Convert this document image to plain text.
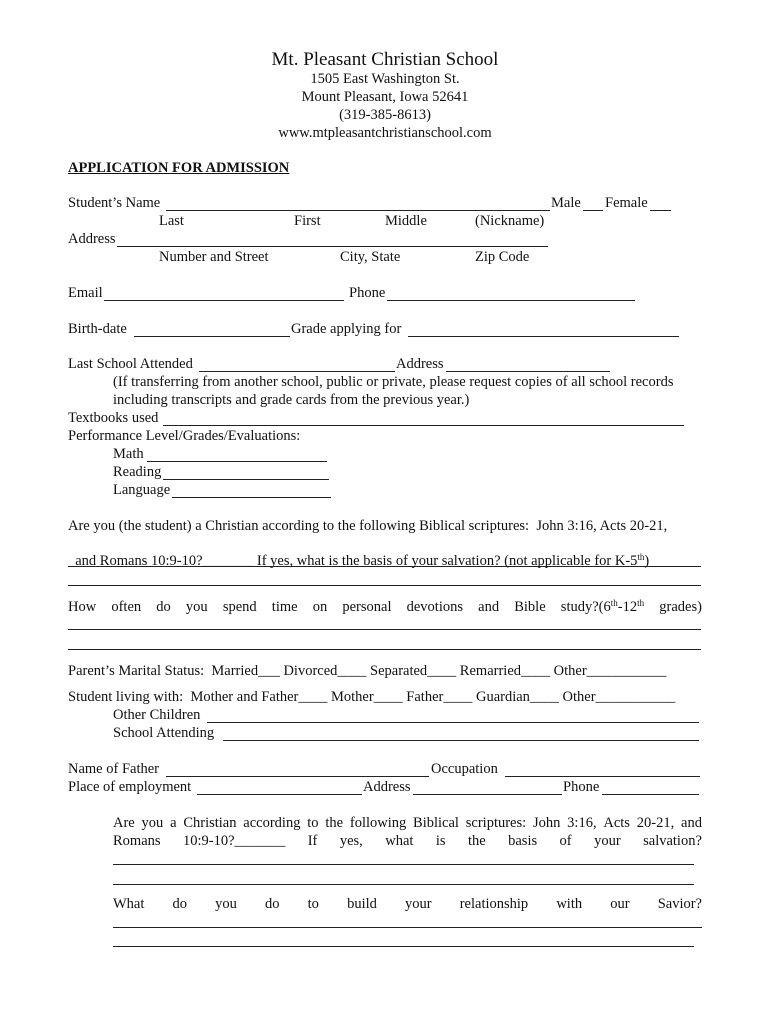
Mt. Pleasant Christian School
1505 East Washington St.
Mount Pleasant, Iowa 52641
(319-385-8613)
www.mtpleasantchristianschool.com
APPLICATION FOR ADMISSION
Student’s Name	Male Female
Last	First	Middle	(Nickname)
Address
Number and Street	City, State	Zip Code
Email	Phone
Birth-date	Grade applying for
Last School Attended	Address
(If transferring from another school, public or private, please request copies of all school records
including transcripts and grade cards from the previous year.)
Textbooks used
Performance Level/Grades/Evaluations:
Math
Reading
Language
Are you (the student) a Christian according to the following Biblical scriptures:  John 3:16, Acts 20-21,

and Romans 10:9-10?_______ If yes, what is the basis of your salvation? (not applicable for K-5th)

How often do you spend time on personal devotions and Bible study?(6th-12th grades)
Parent’s Marital Status:  Married___ Divorced____ Separated____ Remarried____ Other___________
Student living with:  Mother and Father____ Mother____ Father____ Guardian____ Other___________
Other Children
School Attending
Name of Father	Occupation
Place of employment	Address	Phone
Are you a Christian according to the following Biblical scriptures: John 3:16, Acts 20-21, and
Romans 10:9-10?_______ If yes, what is the basis of your salvation?
What do you do to build your relationship with our Savior?
